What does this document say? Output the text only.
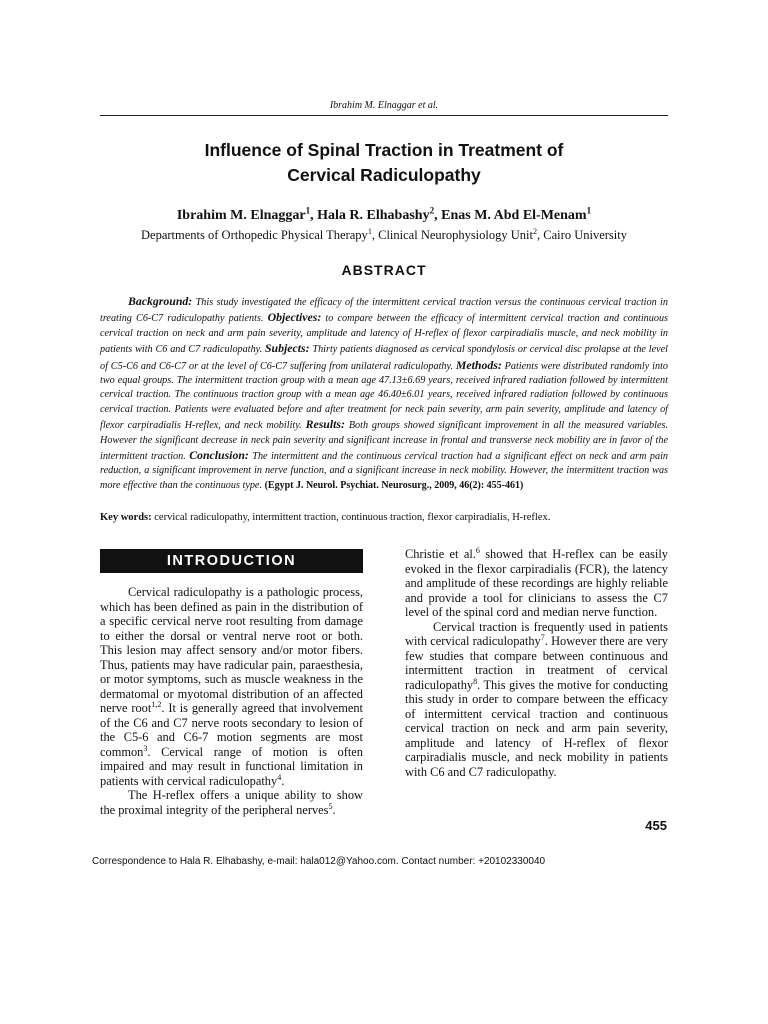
Ibrahim M. Elnaggar et al.
Influence of Spinal Traction in Treatment of
Cervical Radiculopathy
Ibrahim M. Elnaggar$^1$, Hala R. Elhabashy$^2$, Enas M. Abd El-Menam$^1$
Departments of Orthopedic Physical Therapy$^1$, Clinical Neurophysiology Unit$^2$, Cairo University
ABSTRACT
Background: This study investigated the efficacy of the intermittent cervical traction versus the continuous cervical traction in treating C6-C7 radiculopathy patients. Objectives: to compare between the efficacy of intermittent cervical traction and continuous cervical traction on neck and arm pain severity, amplitude and latency of H-reflex of flexor carpiradialis muscle, and neck mobility in patients with C6 and C7 radiculopathy. Subjects: Thirty patients diagnosed as cervical spondylosis or cervical disc prolapse at the level of C5-C6 and C6-C7 or at the level of C6-C7 suffering from unilateral radiculopathy. Methods: Patients were distributed randomly into two equal groups. The intermittent traction group with a mean age 47.13±6.69 years, received infrared radiation followed by intermittent cervical traction. The continuous traction group with a mean age 46.40±6.01 years, received infrared radiation followed by continuous cervical traction. Patients were evaluated before and after treatment for neck pain severity, arm pain severity, amplitude and latency of flexor carpiradialis H-reflex, and neck mobility. Results: Both groups showed significant improvement in all the measured variables. However the significant decrease in neck pain severity and significant increase in frontal and transverse neck mobility are in favor of the intermittent traction. Conclusion: The intermittent and the continuous cervical traction had a significant effect on neck and arm pain reduction, a significant improvement in nerve function, and a significant increase in neck mobility. However, the intermittent traction was more effective than the continuous type. (Egypt J. Neurol. Psychiat. Neurosurg., 2009, 46(2): 455-461)
Key words: cervical radiculopathy, intermittent traction, continuous traction, flexor carpiradialis, H-reflex.
INTRODUCTION

Cervical radiculopathy is a pathologic process, which has been defined as pain in the distribution of a specific cervical nerve root resulting from damage to either the dorsal or ventral nerve root or both. This lesion may affect sensory and/or motor fibers. Thus, patients may have radicular pain, paraesthesia, or motor symptoms, such as muscle weakness in the dermatomal or myotomal distribution of an affected nerve root$^{1,2}$. It is generally agreed that involvement of the C6 and C7 nerve roots secondary to lesion of the C5-6 and C6-7 motion segments are most common$^3$. Cervical range of motion is often impaired and may result in functional limitation in patients with cervical radiculopathy$^4$.

The H-reflex offers a unique ability to show the proximal integrity of the peripheral nerves$^5$.

Christie et al.$^6$ showed that H-reflex can be easily evoked in the flexor carpiradialis (FCR), the latency and amplitude of these recordings are highly reliable and provide a tool for clinicians to assess the C7 level of the spinal cord and median nerve function.

Cervical traction is frequently used in patients with cervical radiculopathy$^7$. However there are very few studies that compare between continuous and intermittent traction in treatment of cervical radiculopathy$^8$. This gives the motive for conducting this study in order to compare between the efficacy of intermittent cervical traction and continuous cervical traction on neck and arm pain severity, amplitude and latency of H-reflex of flexor carpiradialis muscle, and neck mobility in patients with C6 and C7 radiculopathy.

455
Correspondence to Hala R. Elhabashy, e-mail: hala012@Yahoo.com. Contact number: +20102330040
